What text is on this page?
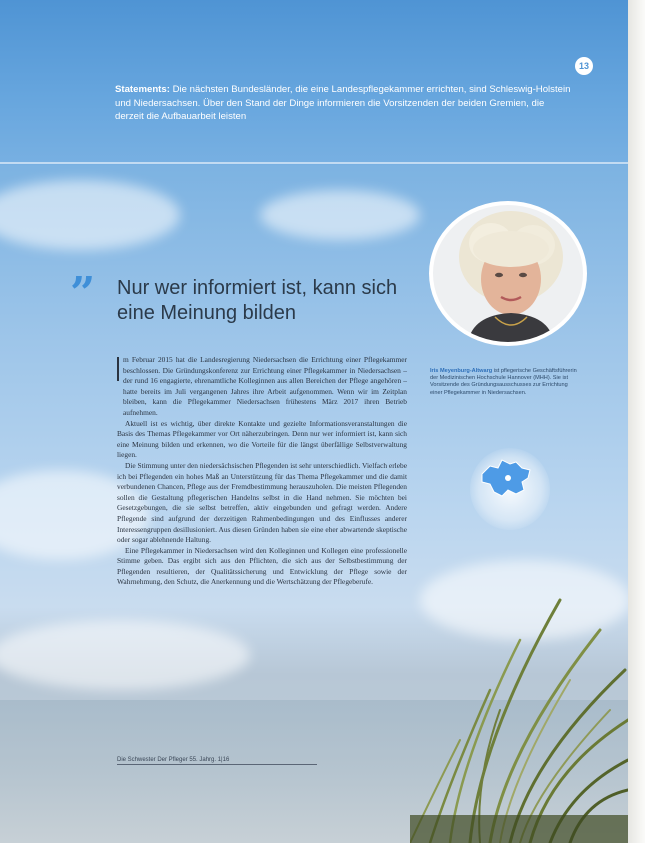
Statements: Die nächsten Bundesländer, die eine Landespflegekammer errichten, sind Schleswig-Holstein und Niedersachsen. Über den Stand der Dinge informieren die Vorsitzenden der beiden Gremien, die derzeit die Aufbauarbeit leisten
13
” Nur wer informiert ist, kann sich eine Meinung bilden
Iris Meyenburg-Altwarg ist pflegerische Geschäftsführerin der Medizinischen Hochschule Hannover (MHH). Sie ist Vorsitzende des Gründungsausschusses zur Errichtung einer Pflegekammer in Niedersachsen.

m Februar 2015 hat die Landesregierung Niedersachsen die Errichtung einer Pflegekammer beschlossen. Die Gründungskonferenz zur Errichtung einer Pflegekammer in Niedersachsen – der rund 16 engagierte, ehrenamtliche Kolleginnen aus allen Bereichen der Pflege angehören – hatte bereits im Juli vergangenen Jahres ihre Arbeit aufgenommen. Wenn wir im Zeitplan bleiben, kann die Pflegekammer Niedersachsen frühestens März 2017 ihren Betrieb aufnehmen.

Aktuell ist es wichtig, über direkte Kontakte und gezielte Informationsveranstaltungen die Basis des Themas Pflegekammer vor Ort näherzubringen. Denn nur wer informiert ist, kann sich eine Meinung bilden und erkennen, wo die Vorteile für die längst überfällige Selbstverwaltung liegen.

Die Stimmung unter den niedersächsischen Pflegenden ist sehr unterschiedlich. Vielfach erlebe ich bei Pflegenden ein hohes Maß an Unterstützung für das Thema Pflegekammer und die damit verbundenen Chancen, Pflege aus der Fremdbestimmung herauszuholen. Die meisten Pflegenden sollen die Gestaltung pflegerischen Handelns selbst in die Hand nehmen. Sie möchten bei Gesetzgebungen, die sie selbst betreffen, aktiv eingebunden und gefragt werden. Andere Pflegende sind aufgrund der derzeitigen Rahmenbedingungen und des Einflusses anderer Interessengruppen desillusioniert. Aus diesen Gründen haben sie eine eher abwartende skeptische oder sogar ablehnende Haltung.

Eine Pflegekammer in Niedersachsen wird den Kolleginnen und Kollegen eine professionelle Stimme geben. Das ergibt sich aus den Pflichten, die sich aus der Selbstbestimmung der Pflegenden resultieren, der Qualitätssicherung und Entwicklung der Pflege sowie der Wahrnehmung, den Schutz, die Anerkennung und die Wertschätzung der Pflegeberufe.

Die Schwester Der Pfleger 55. Jahrg. 1|16
